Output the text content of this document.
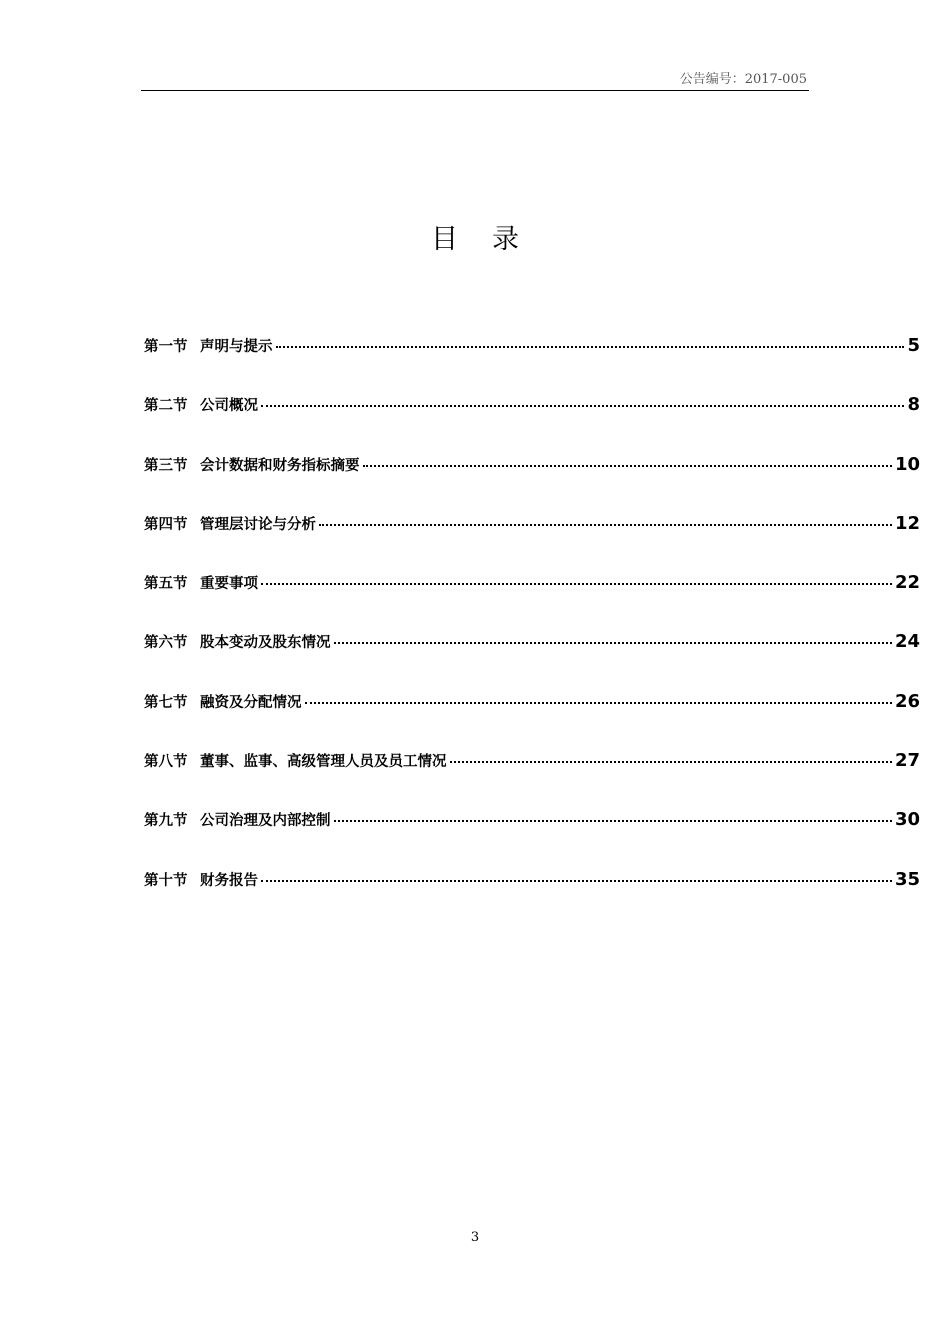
公告编号：2017-005
目录
第一节 声明与提示	5
第二节 公司概况	8
第三节 会计数据和财务指标摘要	10
第四节 管理层讨论与分析	12
第五节 重要事项	22
第六节 股本变动及股东情况	24
第七节 融资及分配情况	26
第八节 董事、监事、高级管理人员及员工情况	27
第九节 公司治理及内部控制	30
第十节 财务报告	35
3
